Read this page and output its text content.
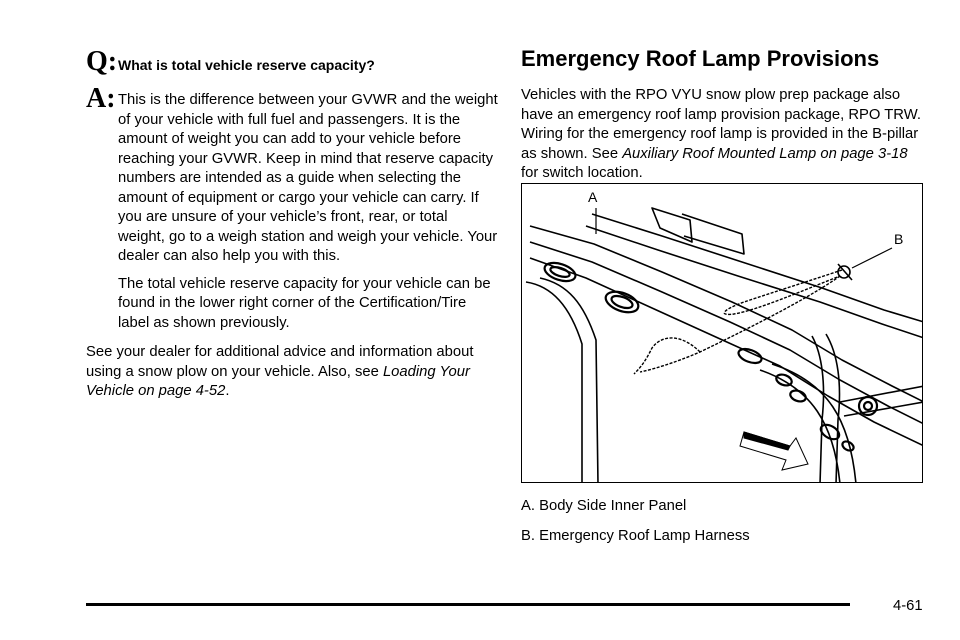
Q: What is total vehicle reserve capacity?
A: This is the difference between your GVWR and the weight of your vehicle with full fuel and passengers. It is the amount of weight you can add to your vehicle before reaching your GVWR. Keep in mind that reserve capacity numbers are intended as a guide when selecting the amount of equipment or cargo your vehicle can carry. If you are unsure of your vehicle’s front, rear, or total weight, go to a weigh station and weigh your vehicle. Your dealer can also help you with this.

The total vehicle reserve capacity for your vehicle can be found in the lower right corner of the Certification/Tire label as shown previously.

See your dealer for additional advice and information about using a snow plow on your vehicle. Also, see Loading Your Vehicle on page 4-52.

Emergency Roof Lamp Provisions

Vehicles with the RPO VYU snow plow prep package also have an emergency roof lamp provision package, RPO TRW. Wiring for the emergency roof lamp is provided in the B-pillar as shown. See Auxiliary Roof Mounted Lamp on page 3-18 for switch location.

A
B
A. Body Side Inner Panel
B. Emergency Roof Lamp Harness
4-61
